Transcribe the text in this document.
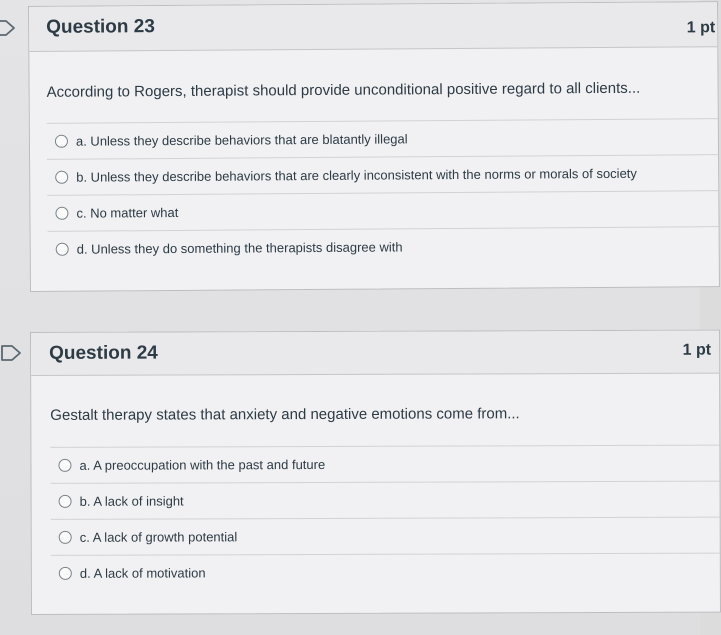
Question 23	1 pt
According to Rogers, therapist should provide unconditional positive regard to all clients...
a. Unless they describe behaviors that are blatantly illegal
b. Unless they describe behaviors that are clearly inconsistent with the norms or morals of society
c. No matter what
d. Unless they do something the therapists disagree with
Question 24	1 pt
Gestalt therapy states that anxiety and negative emotions come from...
a. A preoccupation with the past and future
b. A lack of insight
c. A lack of growth potential
d. A lack of motivation
